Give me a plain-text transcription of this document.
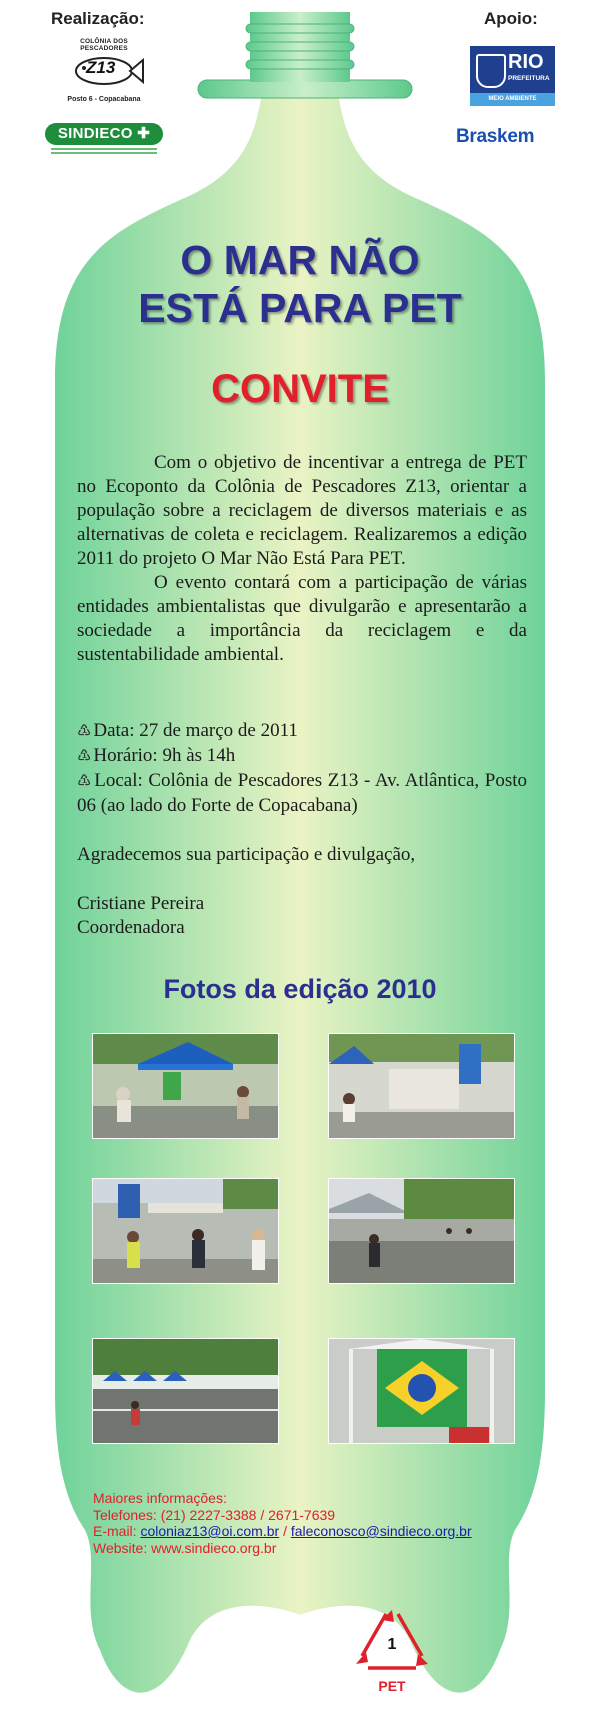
Realização:	Apoio:
COLÔNIA DOS PESCADORES
Z13
Posto 6 - Copacabana
SINDIECO ✚
RIO
PREFEITURA
MEIO AMBIENTE
Braskem
O MAR NÃO
ESTÁ PARA PET
CONVITE

Com o objetivo de incentivar a entrega de PET no Ecoponto da Colônia de Pescadores Z13, orientar a população sobre a reciclagem de diversos materiais e as alternativas de coleta e reciclagem. Realizaremos a edição 2011 do projeto O Mar Não Está Para PET.

O evento contará com a participação de várias entidades ambientalistas que divulgarão e apresentarão a sociedade a importância da reciclagem e da sustentabilidade ambiental.

♳ Data: 27 de março de 2011

♳ Horário: 9h às 14h

♳ Local: Colônia de Pescadores Z13 - Av. Atlântica, Posto 06 (ao lado do Forte de Copacabana)

Agradecemos sua participação e divulgação,
Cristiane Pereira
Coordenadora
Fotos da edição 2010
Maiores informações:
Telefones: (21) 2227-3388 / 2671-7639
E-mail: coloniaz13@oi.com.br / faleconosco@sindieco.org.br
Website: www.sindieco.org.br
1
PET
